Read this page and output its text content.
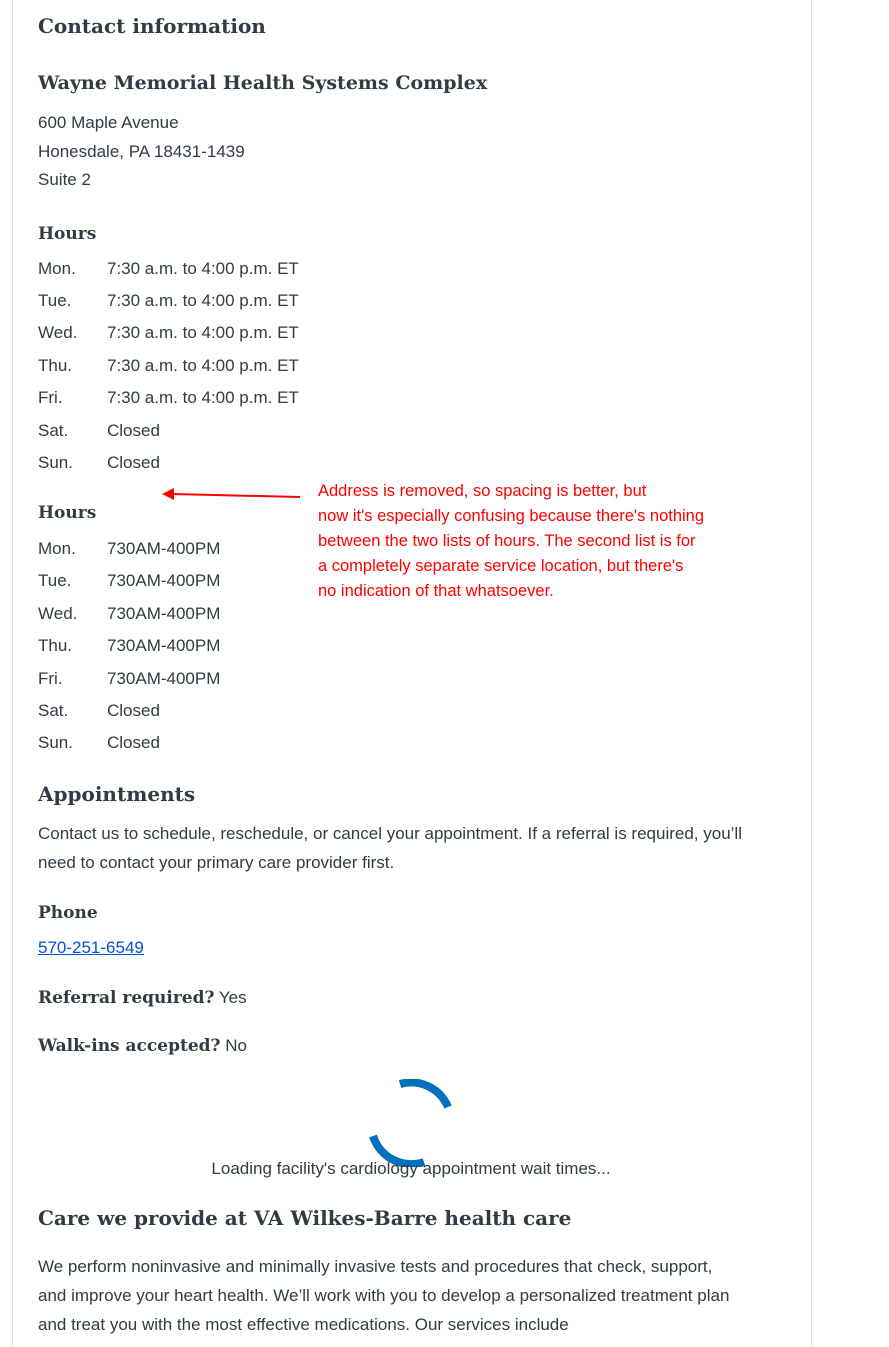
Contact information
Wayne Memorial Health Systems Complex
600 Maple Avenue
Honesdale, PA 18431-1439
Suite 2
Hours
Mon. 7:30 a.m. to 4:00 p.m. ET
Tue. 7:30 a.m. to 4:00 p.m. ET
Wed. 7:30 a.m. to 4:00 p.m. ET
Thu. 7:30 a.m. to 4:00 p.m. ET
Fri.	7:30 a.m. to 4:00 p.m. ET
Sat. Closed
Sun. Closed
Hours
Mon. 730AM-400PM
Tue. 730AM-400PM
Wed. 730AM-400PM
Thu. 730AM-400PM
Fri.	730AM-400PM
Sat. Closed
Sun. Closed
Address is removed, so spacing is better, but
now it's especially confusing because there's nothing
between the two lists of hours. The second list is for
a completely separate service location, but there's
no indication of that whatsoever.
Appointments
Contact us to schedule, reschedule, or cancel your appointment. If a referral is required, you’ll
need to contact your primary care provider first.
Phone
570-251-6549
Referral required? Yes
Walk-ins accepted? No
Loading facility's cardiology appointment wait times...
Care we provide at VA Wilkes-Barre health care
We perform noninvasive and minimally invasive tests and procedures that check, support,
and improve your heart health. We’ll work with you to develop a personalized treatment plan
and treat you with the most effective medications. Our services include
